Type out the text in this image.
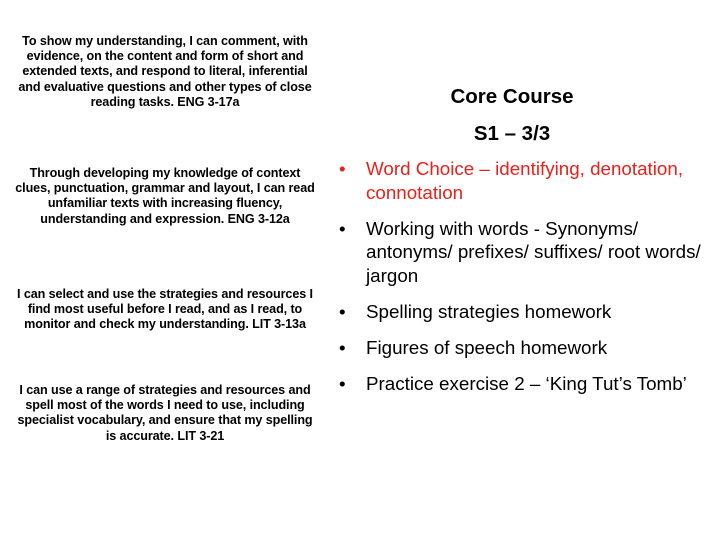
To show my understanding, I can comment, with evidence, on the content and form of short and extended texts, and respond to literal, inferential and evaluative questions and other types of close reading tasks. ENG 3-17a

Through developing my knowledge of context clues, punctuation, grammar and layout, I can read unfamiliar texts with increasing fluency, understanding and expression. ENG 3-12a

I can select and use the strategies and resources I find most useful before I read, and as I read, to monitor and check my understanding. LIT 3-13a

I can use a range of strategies and resources and spell most of the words I need to use, including specialist vocabulary, and ensure that my spelling is accurate. LIT 3-21

Core Course
S1 – 3/3
• Word Choice – identifying, denotation, connotation
• Working with words - Synonyms/ antonyms/ prefixes/ suffixes/ root words/ jargon
• Spelling strategies homework
• Figures of speech homework
• Practice exercise 2 – ‘King Tut’s Tomb’
